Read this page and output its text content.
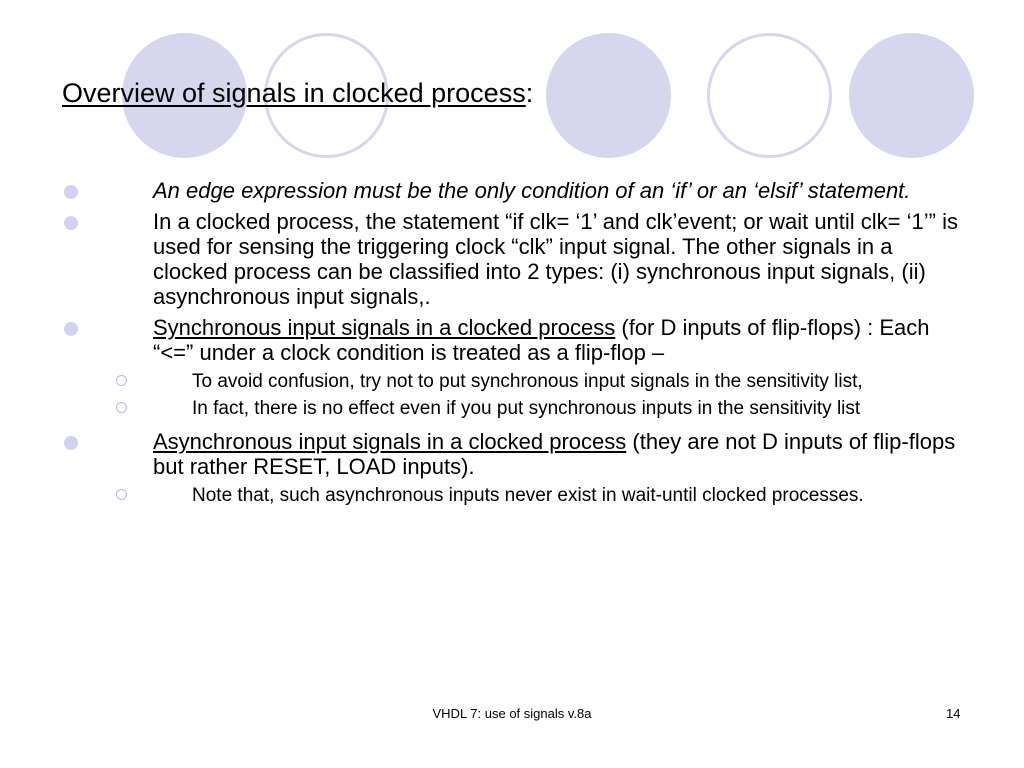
Overview of signals in clocked process:
An edge expression must be the only condition of an ‘if’ or an ‘elsif’ statement.
In a clocked process, the statement “if clk= ‘1’ and clk’event; or wait until clk= ‘1’” is used for sensing the triggering clock “clk” input signal. The other signals in a clocked process can be classified into 2 types: (i) synchronous input signals, (ii) asynchronous input signals,.
Synchronous input signals in a clocked process (for D inputs of flip-flops) : Each “<=” under a clock condition is treated as a flip-flop –
To avoid confusion, try not to put synchronous input signals in the sensitivity list,
In fact, there is no effect even if you put synchronous inputs in the sensitivity list
Asynchronous input signals in a clocked process (they are not D inputs of flip-flops but rather RESET, LOAD inputs).
Note that, such asynchronous inputs never exist in wait-until clocked processes.
VHDL 7: use of signals v.8a	14
